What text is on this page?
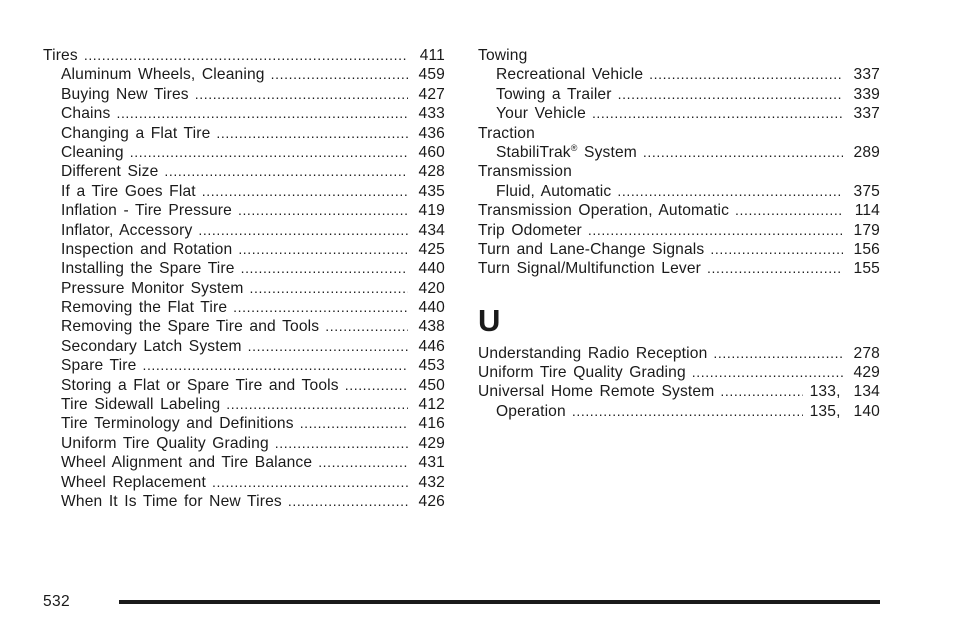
Tires .....	411
Aluminum Wheels, Cleaning .....	459
Buying New Tires .....	427
Chains .....	433
Changing a Flat Tire .....	436
Cleaning .....	460
Different Size .....	428
If a Tire Goes Flat .....	435
Inflation - Tire Pressure .....	419
Inflator, Accessory .....	434
Inspection and Rotation .....	425
Installing the Spare Tire .....	440
Pressure Monitor System .....	420
Removing the Flat Tire .....	440
Removing the Spare Tire and Tools .....	438
Secondary Latch System .....	446
Spare Tire .....	453
Storing a Flat or Spare Tire and Tools .....	450
Tire Sidewall Labeling .....	412
Tire Terminology and Definitions .....	416
Uniform Tire Quality Grading .....	429
Wheel Alignment and Tire Balance .....	431
Wheel Replacement .....	432
When It Is Time for New Tires .....	426
Towing
Recreational Vehicle .....	337
Towing a Trailer .....	339
Your Vehicle .....	337
Traction
StabiliTrak® System .....	289
Transmission
Fluid, Automatic .....	375
Transmission Operation, Automatic .....	114
Trip Odometer .....	179
Turn and Lane-Change Signals .....	156
Turn Signal/Multifunction Lever .....	155
U
Understanding Radio Reception .....	278
Uniform Tire Quality Grading .....	429
Universal Home Remote System .....	133,  134
Operation .....	135,  140
532
